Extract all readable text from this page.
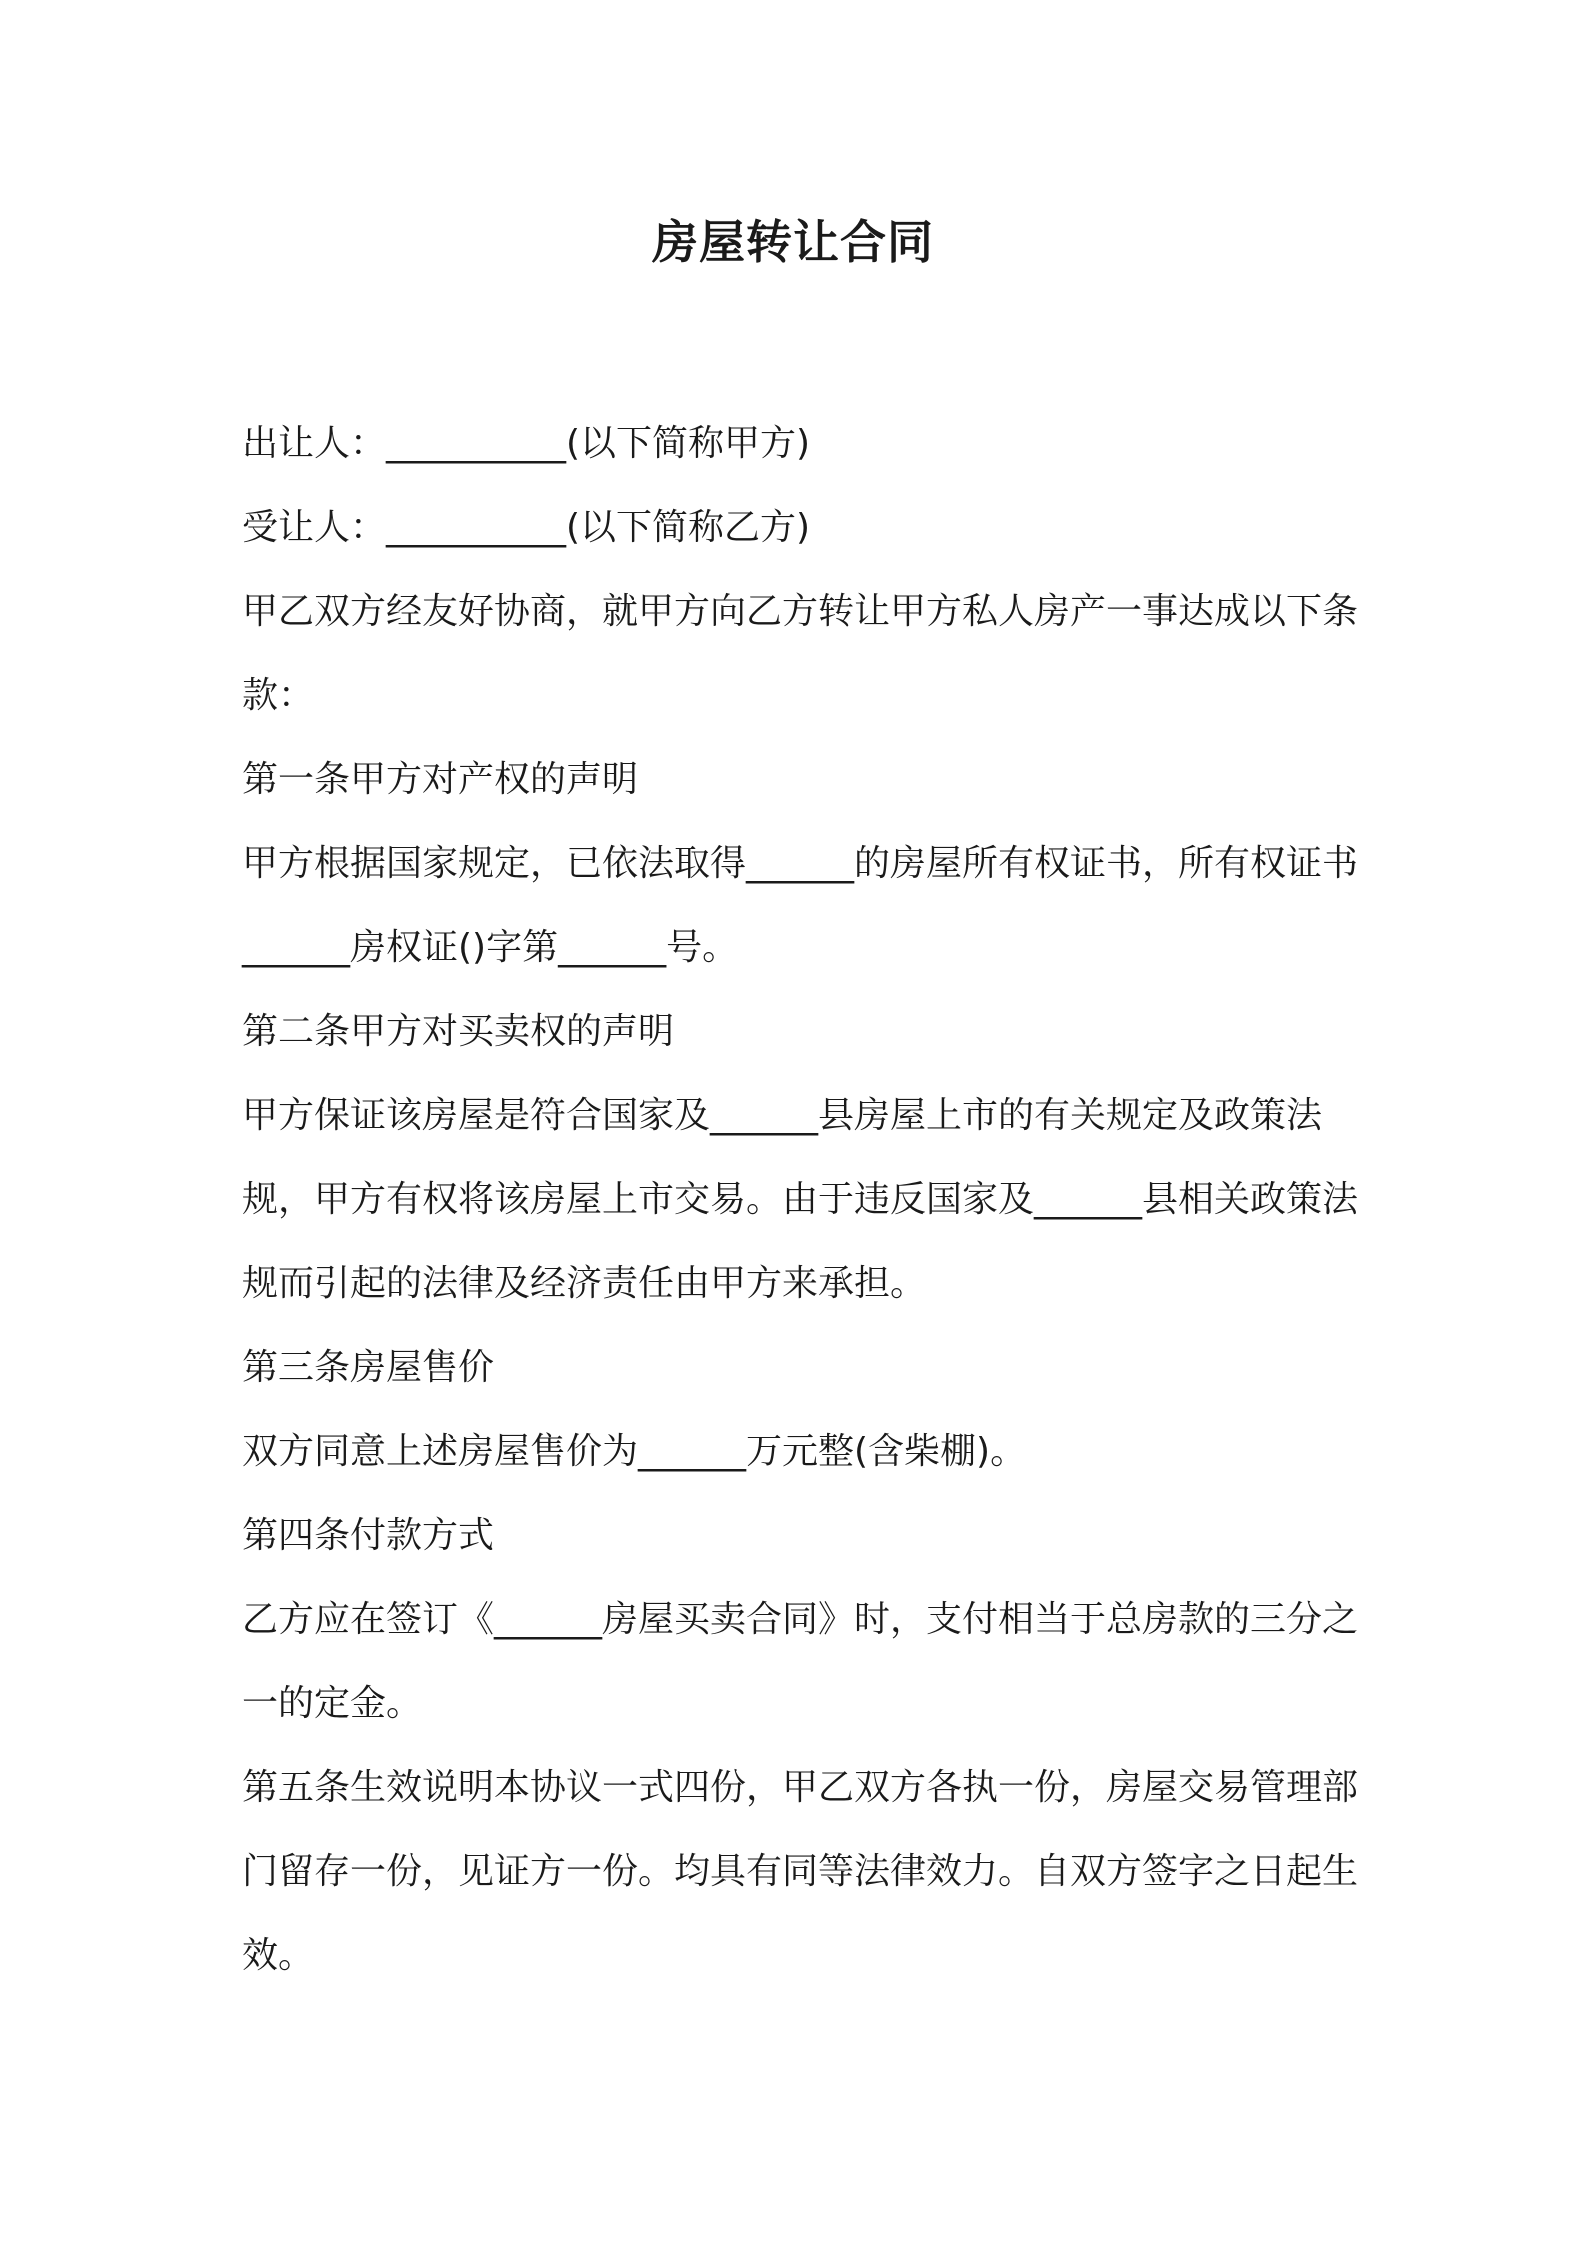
房屋转让合同

出让人：__________(以下简称甲方)

受让人：__________(以下简称乙方)

甲乙双方经友好协商，就甲方向乙方转让甲方私人房产一事达成以下条款：

第一条甲方对产权的声明

甲方根据国家规定，已依法取得______的房屋所有权证书，所有权证书______房权证()字第______号。

第二条甲方对买卖权的声明

甲方保证该房屋是符合国家及______县房屋上市的有关规定及政策法规，甲方有权将该房屋上市交易。由于违反国家及______县相关政策法规而引起的法律及经济责任由甲方来承担。

第三条房屋售价

双方同意上述房屋售价为______万元整(含柴棚)。

第四条付款方式

乙方应在签订《______房屋买卖合同》时，支付相当于总房款的三分之一的定金。

第五条生效说明本协议一式四份，甲乙双方各执一份，房屋交易管理部门留存一份，见证方一份。均具有同等法律效力。自双方签字之日起生效。
